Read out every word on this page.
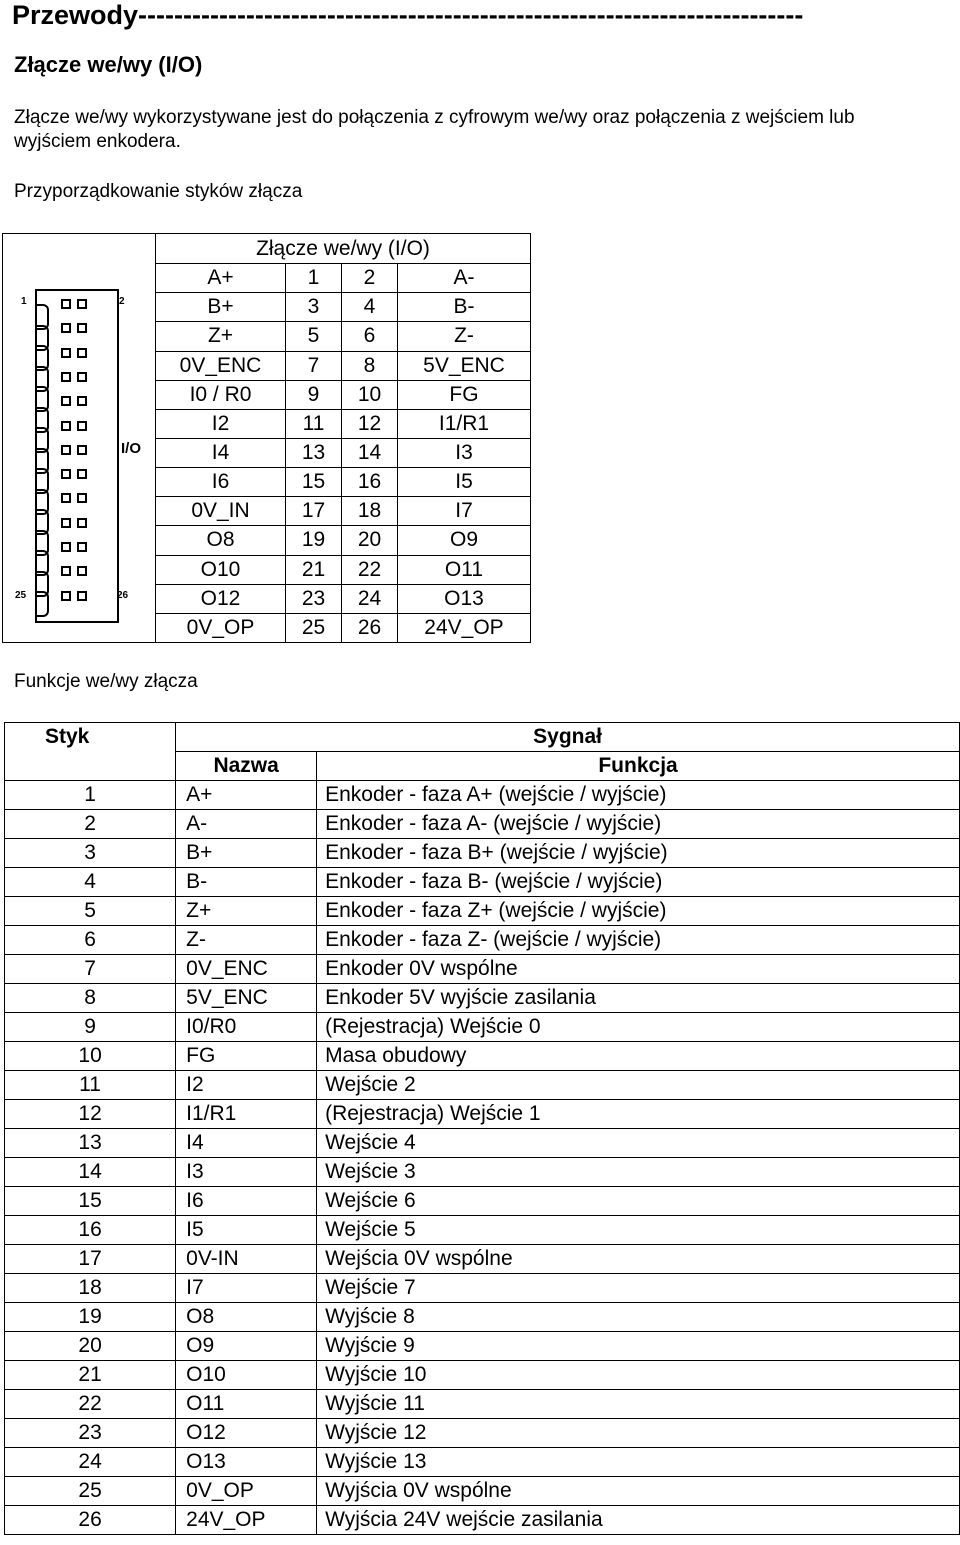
Przewody--------------------------------------------------------------------------
Złącze we/wy (I/O)
Złącze we/wy wykorzystywane jest do połączenia z cyfrowym we/wy oraz połączenia z wejściem lub wyjściem enkodera.
Przyporządkowanie styków złącza
1 2
25 26
I/O	Złącze we/wy (I/O)			
	A+	1	2	A-
	B+	3	4	B-
	Z+	5	6	Z-
	0V_ENC	7	8	5V_ENC
	I0 / R0	9	10	FG
	I2	11	12	I1/R1
	I4	13	14	I3
	I6	15	16	I5
	0V_IN	17	18	I7
	O8	19	20	O9
	O10	21	22	O11
	O12	23	24	O13
	0V_OP	25	26	24V_OP
Funkcje we/wy złącza
Styk	Sygnał	
	Nazwa	Funkcja
1	A+	Enkoder - faza A+ (wejście / wyjście)
2	A-	Enkoder - faza A- (wejście / wyjście)
3	B+	Enkoder - faza B+ (wejście / wyjście)
4	B-	Enkoder - faza B- (wejście / wyjście)
5	Z+	Enkoder - faza Z+ (wejście / wyjście)
6	Z-	Enkoder - faza Z- (wejście / wyjście)
7	0V_ENC	Enkoder 0V wspólne
8	5V_ENC	Enkoder 5V wyjście zasilania
9	I0/R0	(Rejestracja) Wejście 0
10	FG	Masa obudowy
11	I2	Wejście 2
12	I1/R1	(Rejestracja) Wejście 1
13	I4	Wejście 4
14	I3	Wejście 3
15	I6	Wejście 6
16	I5	Wejście 5
17	0V-IN	Wejścia 0V wspólne
18	I7	Wejście 7
19	O8	Wyjście 8
20	O9	Wyjście 9
21	O10	Wyjście 10
22	O11	Wyjście 11
23	O12	Wyjście 12
24	O13	Wyjście 13
25	0V_OP	Wyjścia 0V wspólne
26	24V_OP	Wyjścia 24V wejście zasilania
